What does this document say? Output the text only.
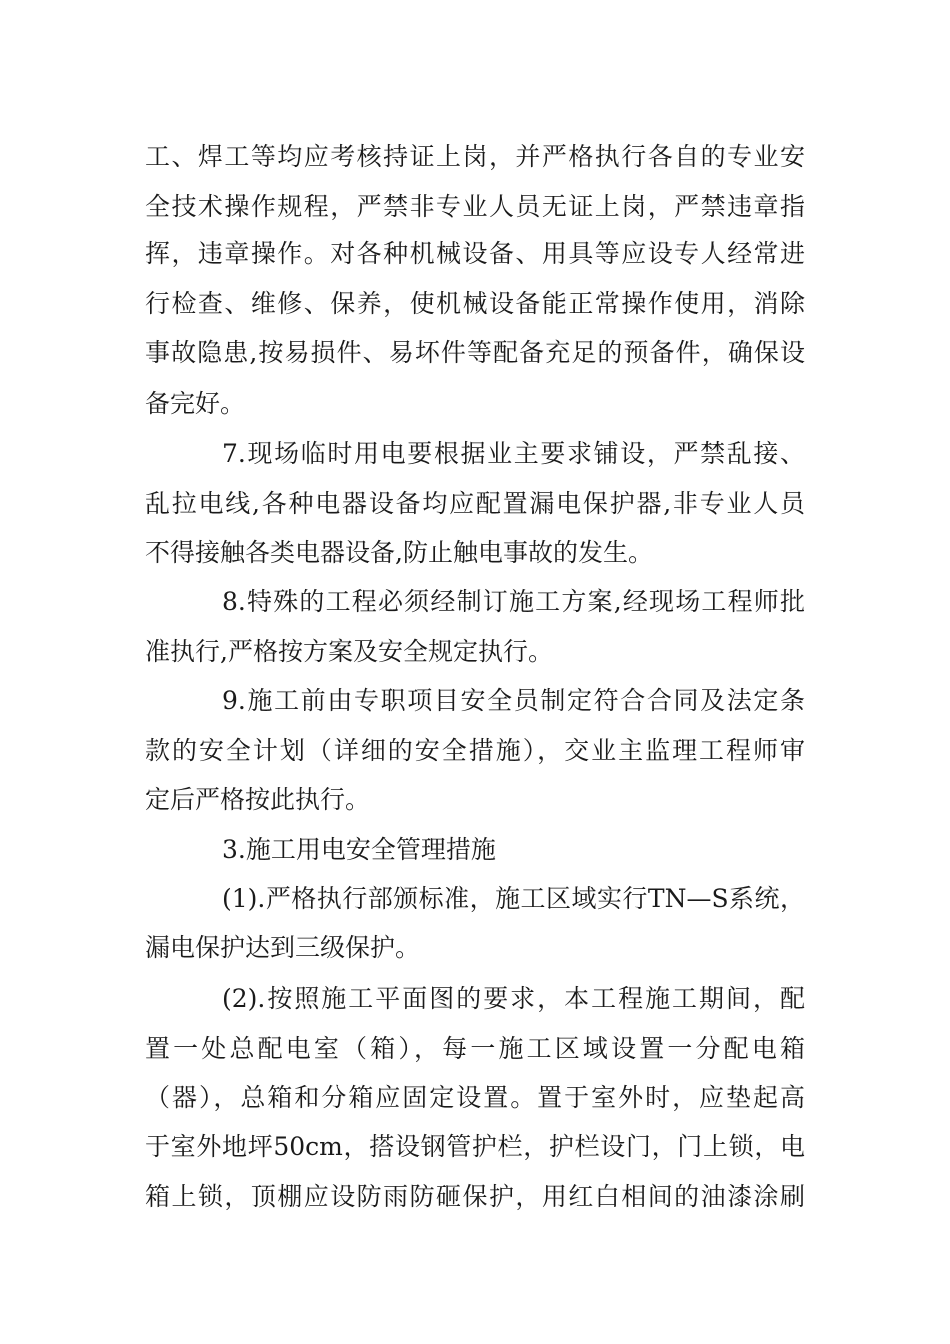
工、焊工等均应考核持证上岗，并严格执行各自的专业安
全技术操作规程，严禁非专业人员无证上岗，严禁违章指
挥，违章操作。对各种机械设备、用具等应设专人经常进
行检查、维修、保养，使机械设备能正常操作使用，消除
事故隐患,按易损件、易坏件等配备充足的预备件，确保设
备完好。
7.现场临时用电要根据业主要求铺设，严禁乱接、
乱拉电线,各种电器设备均应配置漏电保护器,非专业人员
不得接触各类电器设备,防止触电事故的发生。
8.特殊的工程必须经制订施工方案,经现场工程师批
准执行,严格按方案及安全规定执行。
9.施工前由专职项目安全员制定符合合同及法定条
款的安全计划（详细的安全措施），交业主监理工程师审
定后严格按此执行。
3.施工用电安全管理措施
(1).严格执行部颁标准，施工区域实行TN—S系统，
漏电保护达到三级保护。
(2).按照施工平面图的要求，本工程施工期间，配
置一处总配电室（箱），每一施工区域设置一分配电箱
（器），总箱和分箱应固定设置。置于室外时，应垫起高
于室外地坪50cm，搭设钢管护栏，护栏设门，门上锁，电
箱上锁，顶棚应设防雨防砸保护，用红白相间的油漆涂刷
